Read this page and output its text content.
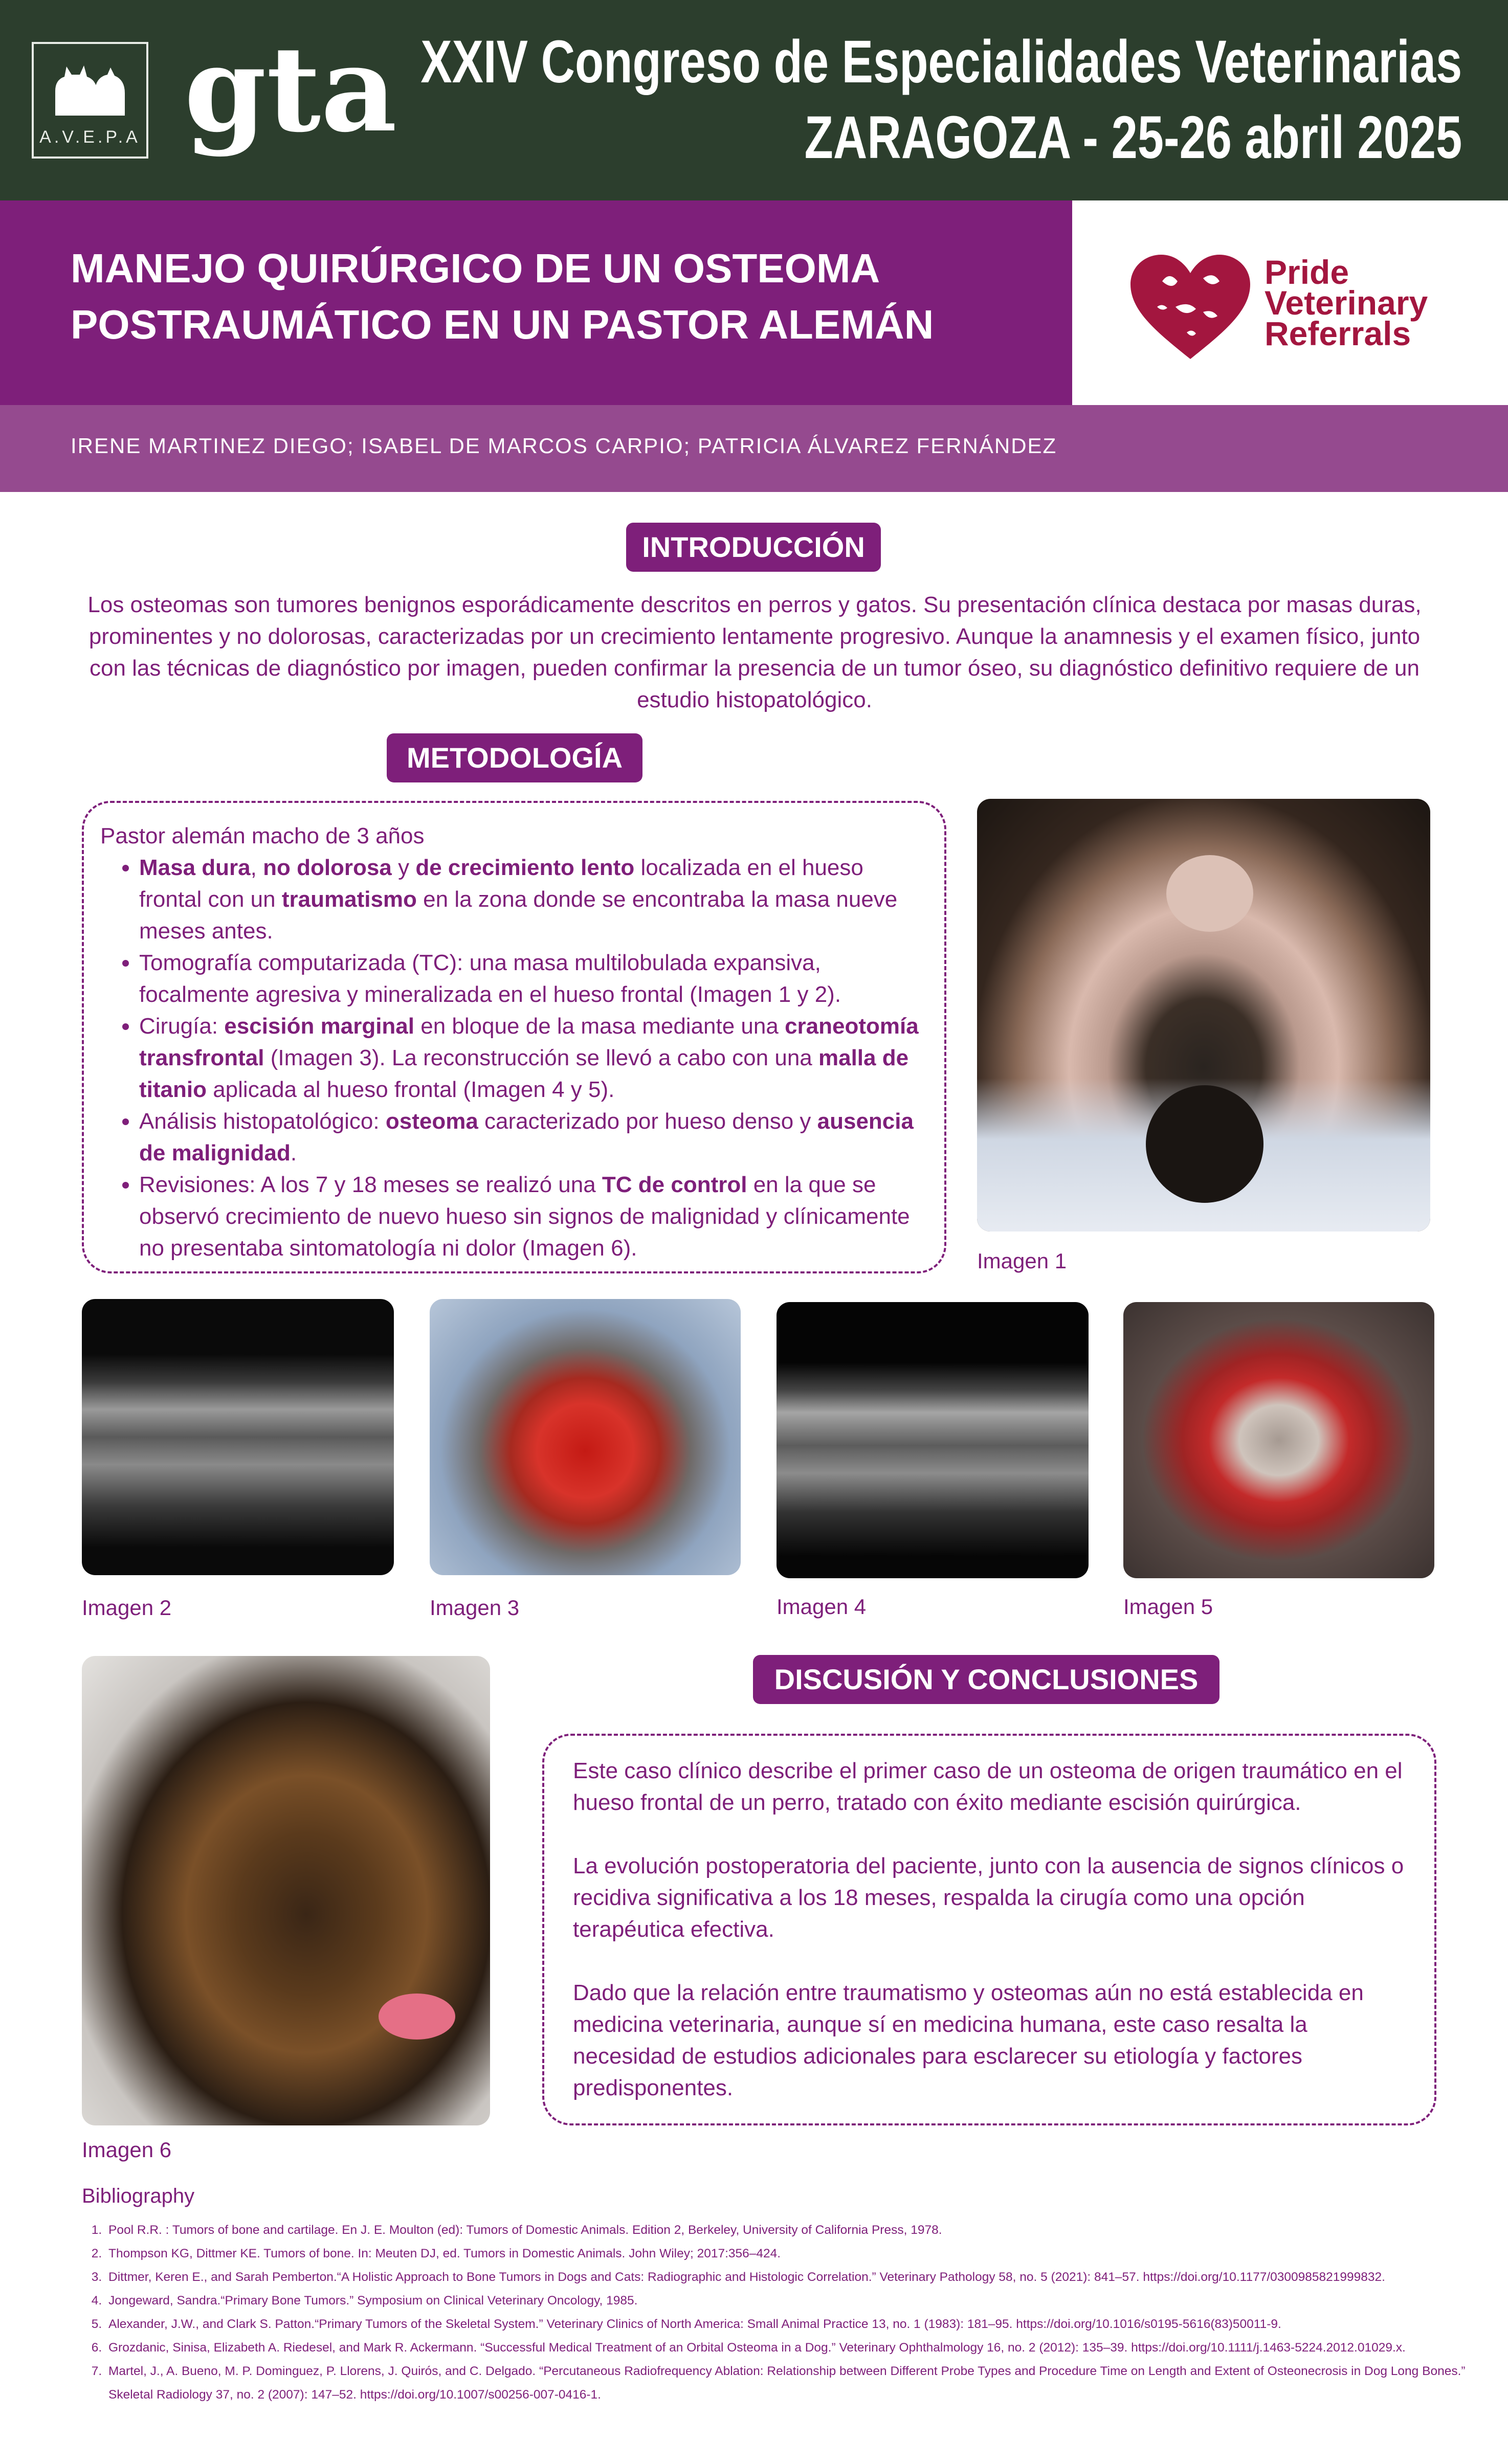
A.V.E.P.A gta XXIV Congreso de Especialidades Veterinarias
ZARAGOZA - 25-26 abril 2025
MANEJO QUIRÚRGICO DE UN OSTEOMA
POSTRAUMÁTICO EN UN PASTOR ALEMÁN
Pride
Veterinary
Referrals
IRENE MARTINEZ DIEGO; ISABEL DE MARCOS CARPIO; PATRICIA ÁLVAREZ FERNÁNDEZ
INTRODUCCIÓN
Los osteomas son tumores benignos esporádicamente descritos en perros y gatos. Su presentación clínica destaca por masas duras, prominentes y no dolorosas, caracterizadas por un crecimiento lentamente progresivo. Aunque la anamnesis y el examen físico, junto con las técnicas de diagnóstico por imagen, pueden confirmar la presencia de un tumor óseo, su diagnóstico definitivo requiere de un estudio histopatológico.
METODOLOGÍA
Pastor alemán macho de 3 años
• Masa dura, no dolorosa y de crecimiento lento localizada en el hueso frontal con un traumatismo en la zona donde se encontraba la masa nueve meses antes.
• Tomografía computarizada (TC): una masa multilobulada expansiva, focalmente agresiva y mineralizada en el hueso frontal (Imagen 1 y 2).
• Cirugía: escisión marginal en bloque de la masa mediante una craneotomía transfrontal (Imagen 3). La reconstrucción se llevó a cabo con una malla de titanio aplicada al hueso frontal (Imagen 4 y 5).
• Análisis histopatológico: osteoma caracterizado por hueso denso y ausencia de malignidad.
• Revisiones: A los 7 y 18 meses se realizó una TC de control en la que se observó crecimiento de nuevo hueso sin signos de malignidad y clínicamente no presentaba sintomatología ni dolor (Imagen 6).
Imagen 1
Imagen 2	Imagen 3	Imagen 4	Imagen 5
Imagen 6
DISCUSIÓN Y CONCLUSIONES

Este caso clínico describe el primer caso de un osteoma de origen traumático en el hueso frontal de un perro, tratado con éxito mediante escisión quirúrgica.

La evolución postoperatoria del paciente, junto con la ausencia de signos clínicos o recidiva significativa a los 18 meses, respalda la cirugía como una opción terapéutica efectiva.

Dado que la relación entre traumatismo y osteomas aún no está establecida en medicina veterinaria, aunque sí en medicina humana, este caso resalta la necesidad de estudios adicionales para esclarecer su etiología y factores predisponentes.

Bibliography
1. Pool R.R. : Tumors of bone and cartilage. En J. E. Moulton (ed): Tumors of Domestic Animals. Edition 2, Berkeley, University of California Press, 1978.
2. Thompson KG, Dittmer KE. Tumors of bone. In: Meuten DJ, ed. Tumors in Domestic Animals. John Wiley; 2017:356–424.
3. Dittmer, Keren E., and Sarah Pemberton.“A Holistic Approach to Bone Tumors in Dogs and Cats: Radiographic and Histologic Correlation.” Veterinary Pathology 58, no. 5 (2021): 841–57. https://doi.org/10.1177/0300985821999832.
4. Jongeward, Sandra.“Primary Bone Tumors.” Symposium on Clinical Veterinary Oncology, 1985.
5. Alexander, J.W., and Clark S. Patton.“Primary Tumors of the Skeletal System.” Veterinary Clinics of North America: Small Animal Practice 13, no. 1 (1983): 181–95. https://doi.org/10.1016/s0195-5616(83)50011-9.
6. Grozdanic, Sinisa, Elizabeth A. Riedesel, and Mark R. Ackermann. “Successful Medical Treatment of an Orbital Osteoma in a Dog.” Veterinary Ophthalmology 16, no. 2 (2012): 135–39. https://doi.org/10.1111/j.1463-5224.2012.01029.x.
7. Martel, J., A. Bueno, M. P. Dominguez, P. Llorens, J. Quirós, and C. Delgado. “Percutaneous Radiofrequency Ablation: Relationship between Different Probe Types and Procedure Time on Length and Extent of Osteonecrosis in Dog Long Bones.” Skeletal Radiology 37, no. 2 (2007): 147–52. https://doi.org/10.1007/s00256-007-0416-1.
